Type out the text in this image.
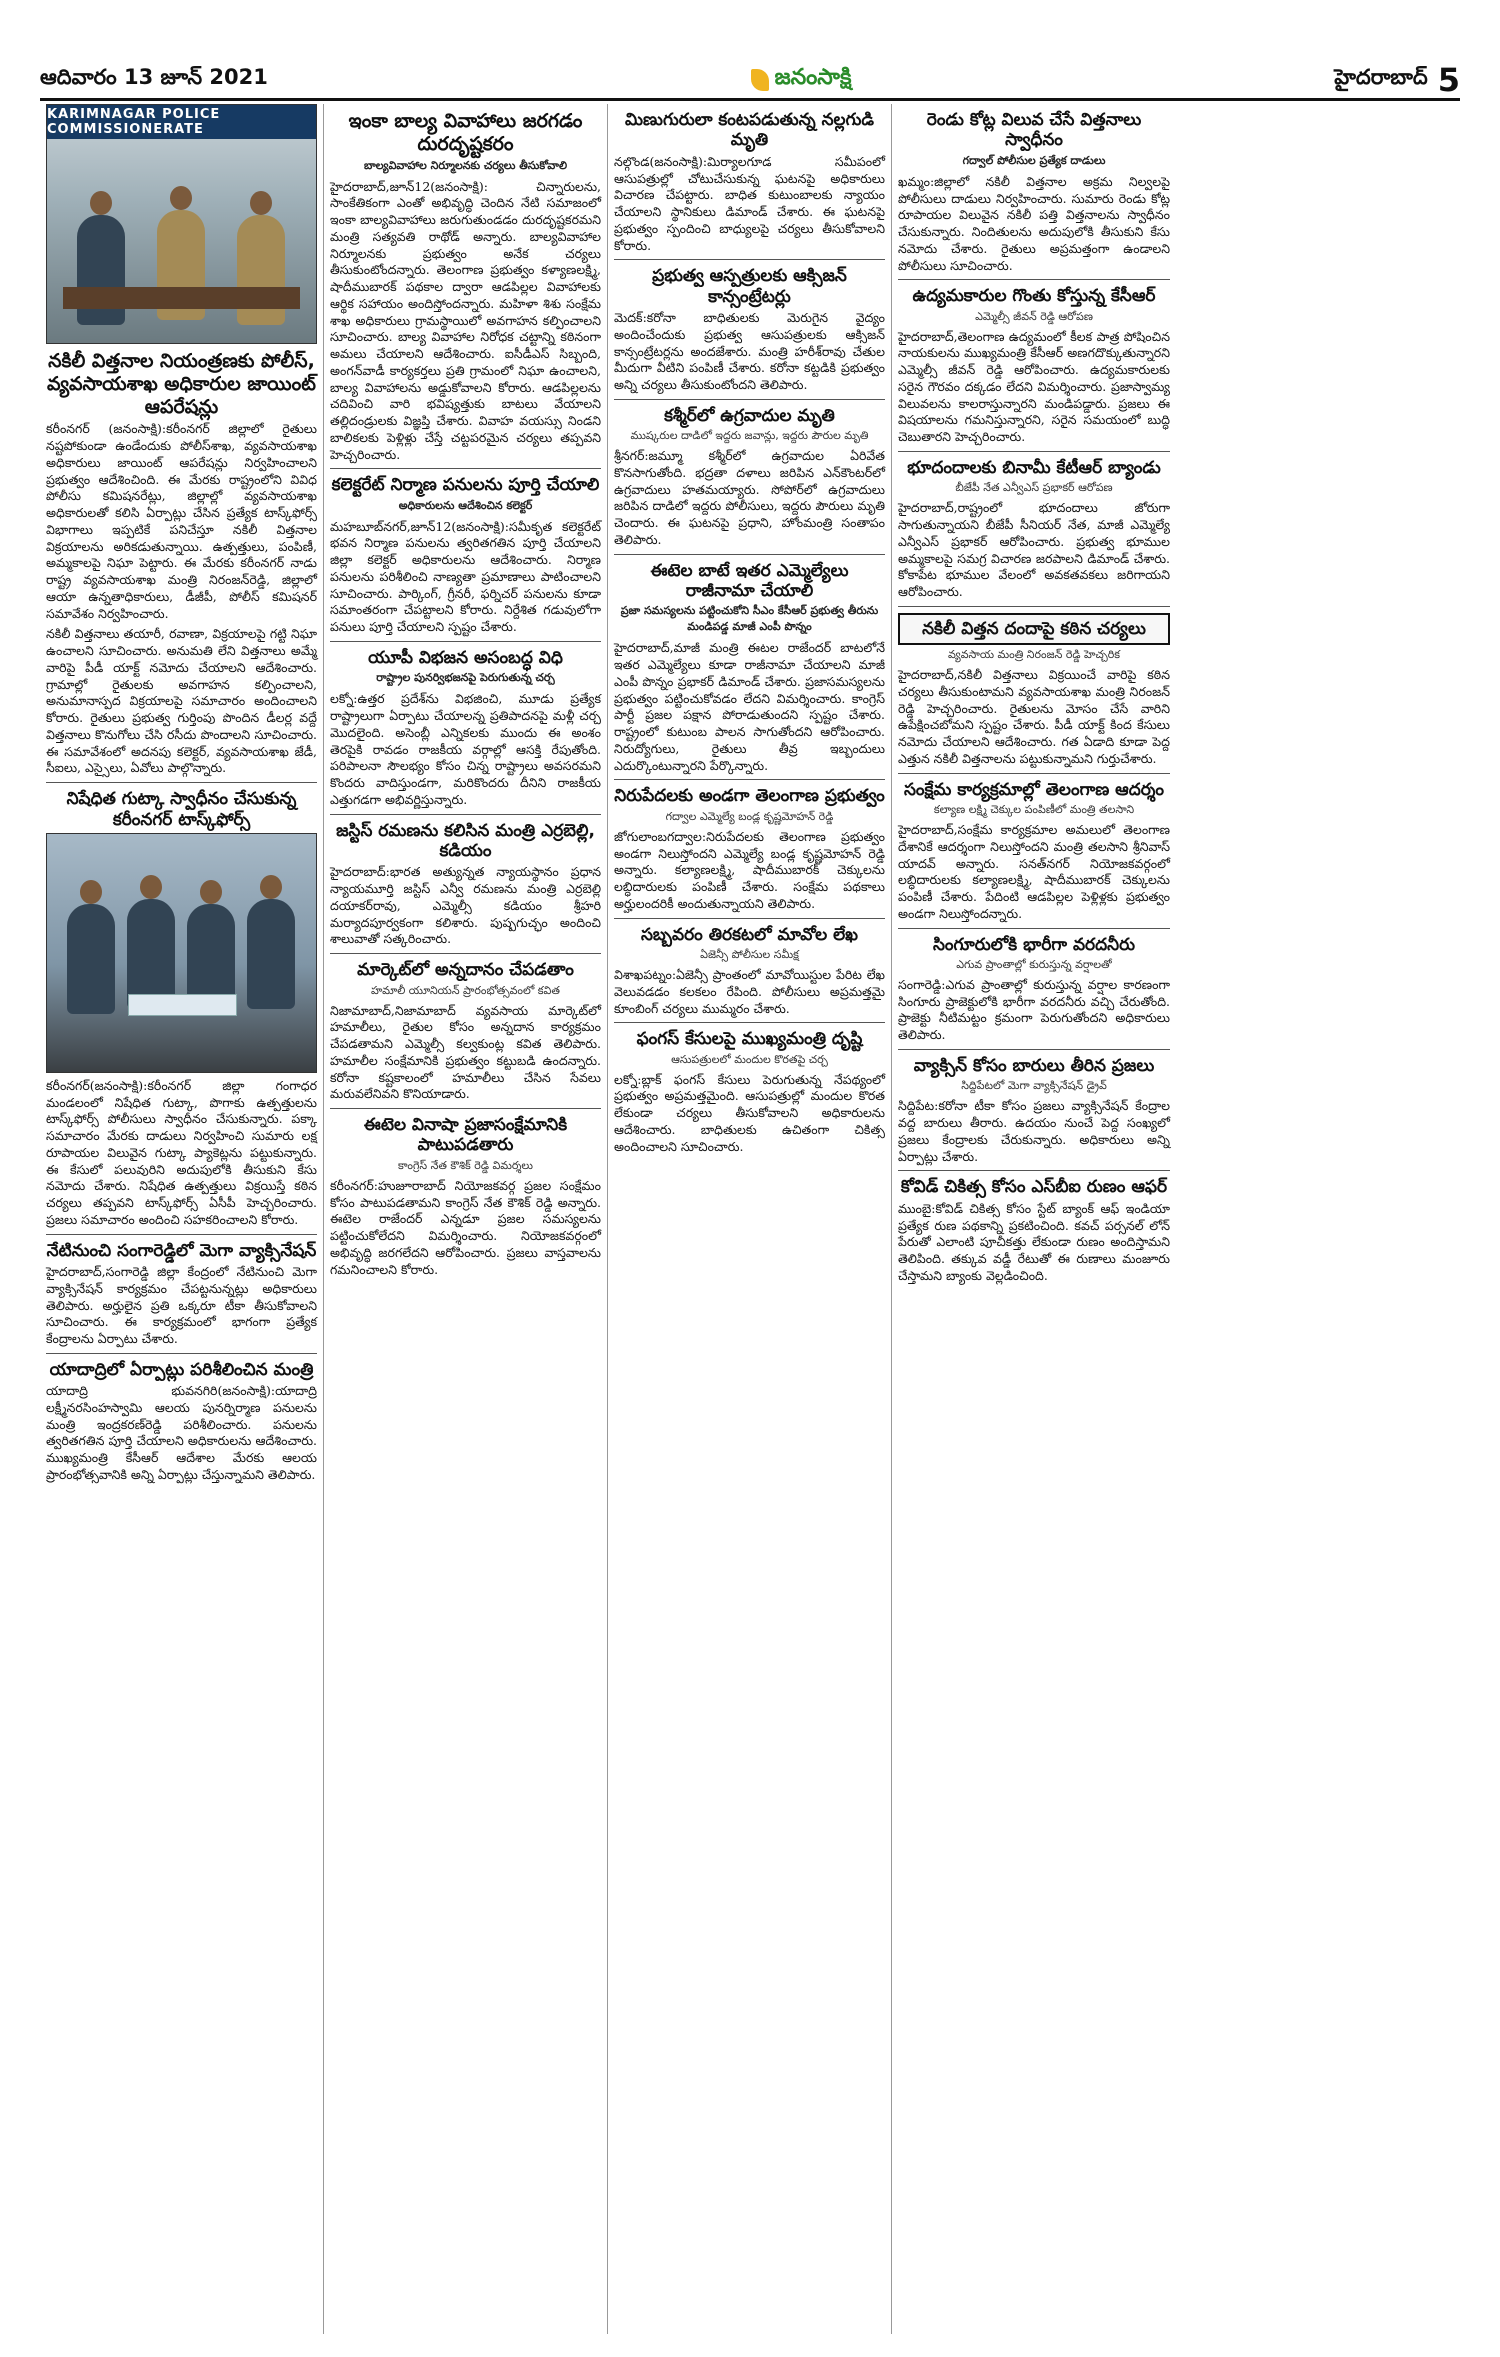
ఆదివారం 13 జూన్ 2021	జనంసాక్షి	హైదరాబాద్ 5
KARIMNAGAR POLICE COMMISSIONERATE
నకిలీ విత్తనాల నియంత్రణకు పోలీస్, వ్యవసాయశాఖ అధికారుల జాయింట్ ఆపరేషన్లు

కరీంనగర్ (జనంసాక్షి):కరీంనగర్ జిల్లాలో రైతులు నష్టపోకుండా ఉండేందుకు పోలీస్‌శాఖ, వ్యవసాయశాఖ అధికారులు జాయింట్ ఆపరేషన్లు నిర్వహించాలని ప్రభుత్వం ఆదేశించింది. ఈ మేరకు రాష్ట్రంలోని వివిధ పోలీసు కమిషనరేట్లు, జిల్లాల్లో వ్యవసాయశాఖ అధికారులతో కలిసి ఏర్పాట్లు చేసిన ప్రత్యేక టాస్క్‌ఫోర్స్ విభాగాలు ఇప్పటికే పనిచేస్తూ నకిలీ విత్తనాల విక్రయాలను అరికడుతున్నాయి. ఉత్పత్తులు, పంపిణీ, అమ్మకాలపై నిఘా పెట్టారు. ఈ మేరకు కరీంనగర్ నాడు రాష్ట్ర వ్యవసాయశాఖ మంత్రి నిరంజన్‌రెడ్డి, జిల్లాలో ఆయా ఉన్నతాధికారులు, డీజీపీ, పోలీస్ కమిషనర్ సమావేశం నిర్వహించారు.

నకిలీ విత్తనాలు తయారీ, రవాణా, విక్రయాలపై గట్టి నిఘా ఉంచాలని సూచించారు. అనుమతి లేని విత్తనాలు అమ్మే వారిపై పీడీ యాక్ట్ నమోదు చేయాలని ఆదేశించారు. గ్రామాల్లో రైతులకు అవగాహన కల్పించాలని, అనుమానాస్పద విక్రయాలపై సమాచారం అందించాలని కోరారు. రైతులు ప్రభుత్వ గుర్తింపు పొందిన డీలర్ల వద్దే విత్తనాలు కొనుగోలు చేసి రసీదు పొందాలని సూచించారు. ఈ సమావేశంలో అదనపు కలెక్టర్, వ్యవసాయశాఖ జేడీ, సీఐలు, ఎస్సైలు, ఏవోలు పాల్గొన్నారు.

నిషేధిత గుట్కా స్వాధీనం చేసుకున్న కరీంనగర్ టాస్క్‌ఫోర్స్

కరీంనగర్(జనంసాక్షి):కరీంనగర్ జిల్లా గంగాధర మండలంలో నిషేధిత గుట్కా, పొగాకు ఉత్పత్తులను టాస్క్‌ఫోర్స్ పోలీసులు స్వాధీనం చేసుకున్నారు. పక్కా సమాచారం మేరకు దాడులు నిర్వహించి సుమారు లక్ష రూపాయల విలువైన గుట్కా ప్యాకెట్లను పట్టుకున్నారు. ఈ కేసులో పలువురిని అదుపులోకి తీసుకుని కేసు నమోదు చేశారు. నిషేధిత ఉత్పత్తులు విక్రయిస్తే కఠిన చర్యలు తప్పవని టాస్క్‌ఫోర్స్ ఏసీపీ హెచ్చరించారు. ప్రజలు సమాచారం అందించి సహకరించాలని కోరారు.

నేటినుంచి సంగారెడ్డిలో మెగా వ్యాక్సినేషన్

హైదరాబాద్,సంగారెడ్డి జిల్లా కేంద్రంలో నేటినుంచి మెగా వ్యాక్సినేషన్ కార్యక్రమం చేపట్టనున్నట్లు అధికారులు తెలిపారు. అర్హులైన ప్రతి ఒక్కరూ టీకా తీసుకోవాలని సూచించారు. ఈ కార్యక్రమంలో భాగంగా ప్రత్యేక కేంద్రాలను ఏర్పాటు చేశారు.

యాదాద్రిలో ఏర్పాట్లు పరిశీలించిన మంత్రి

యాదాద్రి భువనగిరి(జనంసాక్షి):యాదాద్రి లక్ష్మీనరసింహస్వామి ఆలయ పునర్నిర్మాణ పనులను మంత్రి ఇంద్రకరణ్‌రెడ్డి పరిశీలించారు. పనులను త్వరితగతిన పూర్తి చేయాలని అధికారులను ఆదేశించారు. ముఖ్యమంత్రి కేసీఆర్ ఆదేశాల మేరకు ఆలయ ప్రారంభోత్సవానికి అన్ని ఏర్పాట్లు చేస్తున్నామని తెలిపారు.

ఇంకా బాల్య వివాహాలు జరగడం దురదృష్టకరం
బాల్యవివాహాల నిర్మూలనకు చర్యలు తీసుకోవాలి

హైదరాబాద్,జూన్12(జనంసాక్షి): చిన్నారులను, సాంకేతికంగా ఎంతో అభివృద్ధి చెందిన నేటి సమాజంలో ఇంకా బాల్యవివాహాలు జరుగుతుండడం దురదృష్టకరమని మంత్రి సత్యవతి రాథోడ్ అన్నారు. బాల్యవివాహాల నిర్మూలనకు ప్రభుత్వం అనేక చర్యలు తీసుకుంటోందన్నారు. తెలంగాణ ప్రభుత్వం కళ్యాణలక్ష్మి, షాదీముబారక్ పథకాల ద్వారా ఆడపిల్లల వివాహాలకు ఆర్థిక సహాయం అందిస్తోందన్నారు. మహిళా శిశు సంక్షేమ శాఖ అధికారులు గ్రామస్థాయిలో అవగాహన కల్పించాలని సూచించారు. బాల్య వివాహాల నిరోధక చట్టాన్ని కఠినంగా అమలు చేయాలని ఆదేశించారు. ఐసీడీఎస్ సిబ్బంది, అంగన్‌వాడీ కార్యకర్తలు ప్రతి గ్రామంలో నిఘా ఉంచాలని, బాల్య వివాహాలను అడ్డుకోవాలని కోరారు. ఆడపిల్లలను చదివించి వారి భవిష్యత్తుకు బాటలు వేయాలని తల్లిదండ్రులకు విజ్ఞప్తి చేశారు. వివాహ వయస్సు నిండని బాలికలకు పెళ్లిళ్లు చేస్తే చట్టపరమైన చర్యలు తప్పవని హెచ్చరించారు.

కలెక్టరేట్ నిర్మాణ పనులను పూర్తి చేయాలి
అధికారులను ఆదేశించిన కలెక్టర్

మహబూబ్‌నగర్,జూన్12(జనంసాక్షి):సమీకృత కలెక్టరేట్ భవన నిర్మాణ పనులను త్వరితగతిన పూర్తి చేయాలని జిల్లా కలెక్టర్ అధికారులను ఆదేశించారు. నిర్మాణ పనులను పరిశీలించి నాణ్యతా ప్రమాణాలు పాటించాలని సూచించారు. పార్కింగ్, గ్రీనరీ, ఫర్నిచర్ పనులను కూడా సమాంతరంగా చేపట్టాలని కోరారు. నిర్దేశిత గడువులోగా పనులు పూర్తి చేయాలని స్పష్టం చేశారు.

యూపీ విభజన అసంబద్ధ విధి
రాష్ట్రాల పునర్విభజనపై పెరుగుతున్న చర్చ

లక్నో:ఉత్తర ప్రదేశ్‌ను విభజించి, మూడు ప్రత్యేక రాష్ట్రాలుగా ఏర్పాటు చేయాలన్న ప్రతిపాదనపై మళ్లీ చర్చ మొదలైంది. అసెంబ్లీ ఎన్నికలకు ముందు ఈ అంశం తెరపైకి రావడం రాజకీయ వర్గాల్లో ఆసక్తి రేపుతోంది. పరిపాలనా సౌలభ్యం కోసం చిన్న రాష్ట్రాలు అవసరమని కొందరు వాదిస్తుండగా, మరికొందరు దీనిని రాజకీయ ఎత్తుగడగా అభివర్ణిస్తున్నారు.

జస్టిస్ రమణను కలిసిన మంత్రి ఎర్రబెల్లి, కడియం

హైదరాబాద్:భారత అత్యున్నత న్యాయస్థానం ప్రధాన న్యాయమూర్తి జస్టిస్ ఎన్వీ రమణను మంత్రి ఎర్రబెల్లి దయాకర్‌రావు, ఎమ్మెల్సీ కడియం శ్రీహరి మర్యాదపూర్వకంగా కలిశారు. పుష్పగుచ్ఛం అందించి శాలువాతో సత్కరించారు.

మార్కెట్‌లో అన్నదానం చేపడతాం
హమాలీ యూనియన్ ప్రారంభోత్సవంలో కవిత

నిజామాబాద్,నిజామాబాద్ వ్యవసాయ మార్కెట్‌లో హమాలీలు, రైతుల కోసం అన్నదాన కార్యక్రమం చేపడతామని ఎమ్మెల్సీ కల్వకుంట్ల కవిత తెలిపారు. హమాలీల సంక్షేమానికి ప్రభుత్వం కట్టుబడి ఉందన్నారు. కరోనా కష్టకాలంలో హమాలీలు చేసిన సేవలు మరువలేనివని కొనియాడారు.

ఈటెల వినాషా ప్రజాసంక్షేమానికి పాటుపడతారు
కాంగ్రెస్ నేత కౌశిక్ రెడ్డి విమర్శలు

కరీంనగర్:హుజూరాబాద్ నియోజకవర్గ ప్రజల సంక్షేమం కోసం పాటుపడతామని కాంగ్రెస్ నేత కౌశిక్ రెడ్డి అన్నారు. ఈటెల రాజేందర్ ఎన్నడూ ప్రజల సమస్యలను పట్టించుకోలేదని విమర్శించారు. నియోజకవర్గంలో అభివృద్ధి జరగలేదని ఆరోపించారు. ప్రజలు వాస్తవాలను గమనించాలని కోరారు.

మిణుగురులా కంటపడుతున్న నల్లగుడి మృతి

నల్గొండ(జనంసాక్షి):మిర్యాలగూడ సమీపంలో ఆసుపత్రుల్లో చోటుచేసుకున్న ఘటనపై అధికారులు విచారణ చేపట్టారు. బాధిత కుటుంబాలకు న్యాయం చేయాలని స్థానికులు డిమాండ్ చేశారు. ఈ ఘటనపై ప్రభుత్వం స్పందించి బాధ్యులపై చర్యలు తీసుకోవాలని కోరారు.

ప్రభుత్వ ఆస్పత్రులకు ఆక్సిజన్ కాన్సంట్రేటర్లు

మెదక్:కరోనా బాధితులకు మెరుగైన వైద్యం అందించేందుకు ప్రభుత్వ ఆసుపత్రులకు ఆక్సిజన్ కాన్సంట్రేటర్లను అందజేశారు. మంత్రి హరీశ్‌రావు చేతుల మీదుగా వీటిని పంపిణీ చేశారు. కరోనా కట్టడికి ప్రభుత్వం అన్ని చర్యలు తీసుకుంటోందని తెలిపారు.

కశ్మీర్‌లో ఉగ్రవాదుల మృతి
ముష్కరుల దాడిలో ఇద్దరు జవాన్లు, ఇద్దరు పౌరుల మృతి

శ్రీనగర్:జమ్మూ కశ్మీర్‌లో ఉగ్రవాదుల ఏరివేత కొనసాగుతోంది. భద్రతా దళాలు జరిపిన ఎన్‌కౌంటర్‌లో ఉగ్రవాదులు హతమయ్యారు. సోపోర్‌లో ఉగ్రవాదులు జరిపిన దాడిలో ఇద్దరు పోలీసులు, ఇద్దరు పౌరులు మృతి చెందారు. ఈ ఘటనపై ప్రధాని, హోంమంత్రి సంతాపం తెలిపారు.

ఈటెల బాటే ఇతర ఎమ్మెల్యేలు రాజీనామా చేయాలి
ప్రజా సమస్యలను పట్టించుకోని సీఎం కేసీఆర్ ప్రభుత్వ తీరును మండిపడ్డ మాజీ ఎంపీ పొన్నం

హైదరాబాద్,మాజీ మంత్రి ఈటల రాజేందర్ బాటలోనే ఇతర ఎమ్మెల్యేలు కూడా రాజీనామా చేయాలని మాజీ ఎంపీ పొన్నం ప్రభాకర్ డిమాండ్ చేశారు. ప్రజాసమస్యలను ప్రభుత్వం పట్టించుకోవడం లేదని విమర్శించారు. కాంగ్రెస్ పార్టీ ప్రజల పక్షాన పోరాడుతుందని స్పష్టం చేశారు. రాష్ట్రంలో కుటుంబ పాలన సాగుతోందని ఆరోపించారు. నిరుద్యోగులు, రైతులు తీవ్ర ఇబ్బందులు ఎదుర్కొంటున్నారని పేర్కొన్నారు.

నిరుపేదలకు అండగా తెలంగాణ ప్రభుత్వం
గద్వాల ఎమ్మెల్యే బండ్ల కృష్ణమోహన్ రెడ్డి

జోగులాంబగద్వాల:నిరుపేదలకు తెలంగాణ ప్రభుత్వం అండగా నిలుస్తోందని ఎమ్మెల్యే బండ్ల కృష్ణమోహన్ రెడ్డి అన్నారు. కల్యాణలక్ష్మి, షాదీముబారక్ చెక్కులను లబ్ధిదారులకు పంపిణీ చేశారు. సంక్షేమ పథకాలు అర్హులందరికీ అందుతున్నాయని తెలిపారు.

సబ్బవరం తిరకటలో మావోల లేఖ
ఏజెన్సీ పోలీసుల సమీక్ష

విశాఖపట్నం:ఏజెన్సీ ప్రాంతంలో మావోయిస్టుల పేరిట లేఖ వెలువడడం కలకలం రేపింది. పోలీసులు అప్రమత్తమై కూంబింగ్ చర్యలు ముమ్మరం చేశారు.

ఫంగస్ కేసులపై ముఖ్యమంత్రి దృష్టి
ఆసుపత్రులలో మందుల కొరతపై చర్చ

లక్నో:బ్లాక్ ఫంగస్ కేసులు పెరుగుతున్న నేపథ్యంలో ప్రభుత్వం అప్రమత్తమైంది. ఆసుపత్రుల్లో మందుల కొరత లేకుండా చర్యలు తీసుకోవాలని అధికారులను ఆదేశించారు. బాధితులకు ఉచితంగా చికిత్స అందించాలని సూచించారు.

రెండు కోట్ల విలువ చేసే విత్తనాలు స్వాధీనం
గద్వాల్ పోలీసుల ప్రత్యేక దాడులు

ఖమ్మం:జిల్లాలో నకిలీ విత్తనాల అక్రమ నిల్వలపై పోలీసులు దాడులు నిర్వహించారు. సుమారు రెండు కోట్ల రూపాయల విలువైన నకిలీ పత్తి విత్తనాలను స్వాధీనం చేసుకున్నారు. నిందితులను అదుపులోకి తీసుకుని కేసు నమోదు చేశారు. రైతులు అప్రమత్తంగా ఉండాలని పోలీసులు సూచించారు.

ఉద్యమకారుల గొంతు కోస్తున్న కేసీఆర్
ఎమ్మెల్సీ జీవన్ రెడ్డి ఆరోపణ

హైదరాబాద్,తెలంగాణ ఉద్యమంలో కీలక పాత్ర పోషించిన నాయకులను ముఖ్యమంత్రి కేసీఆర్ అణగదొక్కుతున్నారని ఎమ్మెల్సీ జీవన్ రెడ్డి ఆరోపించారు. ఉద్యమకారులకు సరైన గౌరవం దక్కడం లేదని విమర్శించారు. ప్రజాస్వామ్య విలువలను కాలరాస్తున్నారని మండిపడ్డారు. ప్రజలు ఈ విషయాలను గమనిస్తున్నారని, సరైన సమయంలో బుద్ధి చెబుతారని హెచ్చరించారు.

భూదందాలకు బినామీ కేటీఆర్ బ్యాండు
బీజేపీ నేత ఎన్వీఎస్ ప్రభాకర్ ఆరోపణ

హైదరాబాద్,రాష్ట్రంలో భూదందాలు జోరుగా సాగుతున్నాయని బీజేపీ సీనియర్ నేత, మాజీ ఎమ్మెల్యే ఎన్వీఎస్ ప్రభాకర్ ఆరోపించారు. ప్రభుత్వ భూముల అమ్మకాలపై సమగ్ర విచారణ జరపాలని డిమాండ్ చేశారు. కోకాపేట భూముల వేలంలో అవకతవకలు జరిగాయని ఆరోపించారు.

నకిలీ విత్తన దందాపై కఠిన చర్యలు
వ్యవసాయ మంత్రి నిరంజన్ రెడ్డి హెచ్చరిక

హైదరాబాద్,నకిలీ విత్తనాలు విక్రయించే వారిపై కఠిన చర్యలు తీసుకుంటామని వ్యవసాయశాఖ మంత్రి నిరంజన్ రెడ్డి హెచ్చరించారు. రైతులను మోసం చేసే వారిని ఉపేక్షించబోమని స్పష్టం చేశారు. పీడీ యాక్ట్ కింద కేసులు నమోదు చేయాలని ఆదేశించారు. గత ఏడాది కూడా పెద్ద ఎత్తున నకిలీ విత్తనాలను పట్టుకున్నామని గుర్తుచేశారు.

సంక్షేమ కార్యక్రమాల్లో తెలంగాణ ఆదర్శం
కల్యాణ లక్ష్మి చెక్కుల పంపిణీలో మంత్రి తలసాని

హైదరాబాద్,సంక్షేమ కార్యక్రమాల అమలులో తెలంగాణ దేశానికే ఆదర్శంగా నిలుస్తోందని మంత్రి తలసాని శ్రీనివాస్ యాదవ్ అన్నారు. సనత్‌నగర్ నియోజకవర్గంలో లబ్ధిదారులకు కల్యాణలక్ష్మి, షాదీముబారక్ చెక్కులను పంపిణీ చేశారు. పేదింటి ఆడపిల్లల పెళ్లిళ్లకు ప్రభుత్వం అండగా నిలుస్తోందన్నారు.

సింగూరులోకి భారీగా వరదనీరు
ఎగువ ప్రాంతాల్లో కురుస్తున్న వర్షాలతో

సంగారెడ్డి:ఎగువ ప్రాంతాల్లో కురుస్తున్న వర్షాల కారణంగా సింగూరు ప్రాజెక్టులోకి భారీగా వరదనీరు వచ్చి చేరుతోంది. ప్రాజెక్టు నీటిమట్టం క్రమంగా పెరుగుతోందని అధికారులు తెలిపారు.

వ్యాక్సిన్ కోసం బారులు తీరిన ప్రజలు
సిద్దిపేటలో మెగా వ్యాక్సినేషన్ డ్రైవ్

సిద్దిపేట:కరోనా టీకా కోసం ప్రజలు వ్యాక్సినేషన్ కేంద్రాల వద్ద బారులు తీరారు. ఉదయం నుంచే పెద్ద సంఖ్యలో ప్రజలు కేంద్రాలకు చేరుకున్నారు. అధికారులు అన్ని ఏర్పాట్లు చేశారు.

కోవిడ్ చికిత్స కోసం ఎస్‌బీఐ రుణం ఆఫర్

ముంబై:కోవిడ్ చికిత్స కోసం స్టేట్ బ్యాంక్ ఆఫ్ ఇండియా ప్రత్యేక రుణ పథకాన్ని ప్రకటించింది. కవచ్ పర్సనల్ లోన్ పేరుతో ఎలాంటి పూచీకత్తు లేకుండా రుణం అందిస్తామని తెలిపింది. తక్కువ వడ్డీ రేటుతో ఈ రుణాలు మంజూరు చేస్తామని బ్యాంకు వెల్లడించింది.
